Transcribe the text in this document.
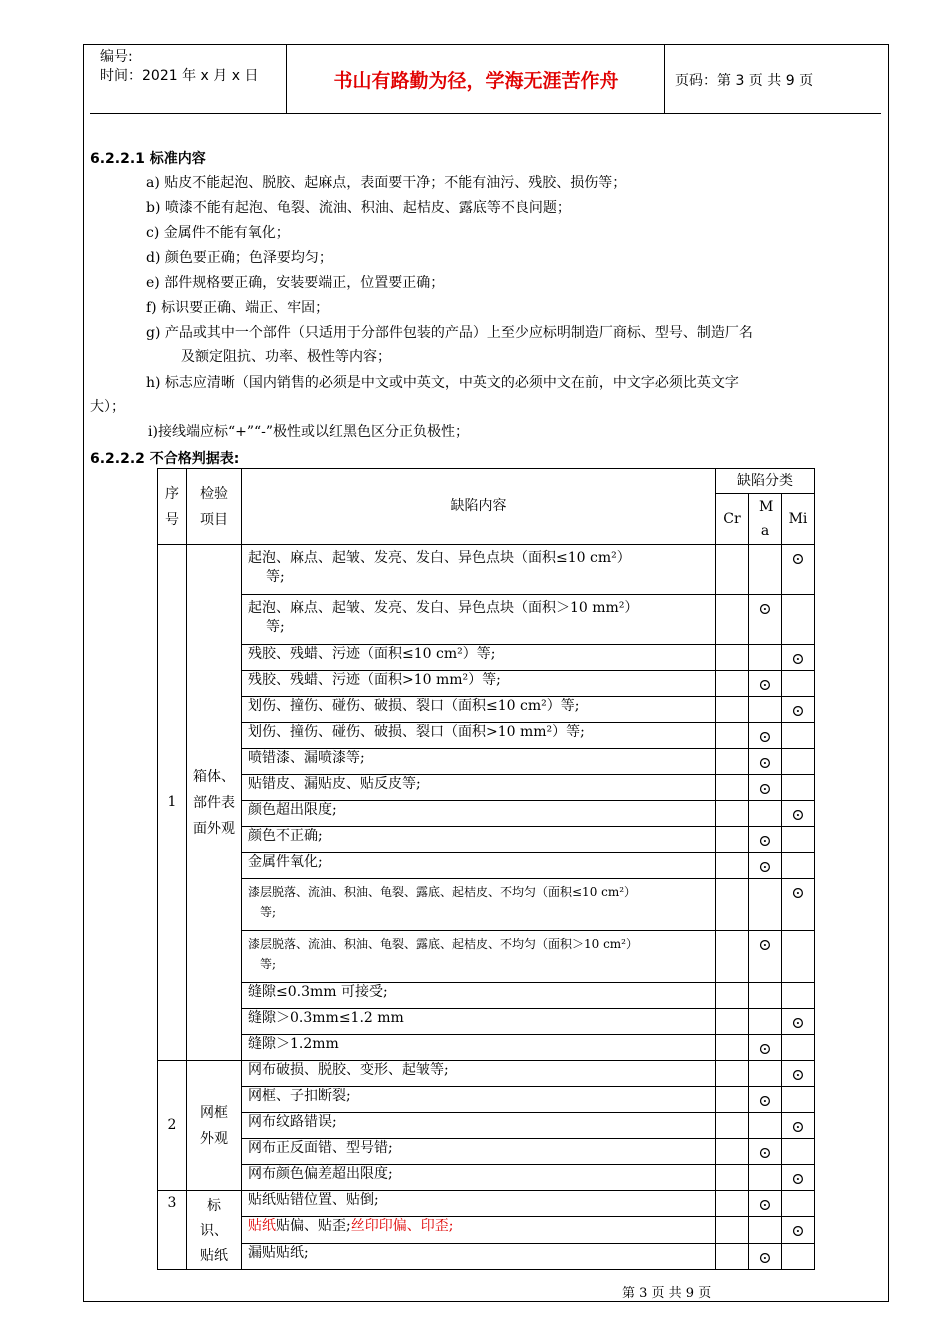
编号:
时间：2021 年 x 月 x 日	书山有路勤为径，学海无涯苦作舟	页码：第 3 页 共 9 页
6.2.2.1 标准内容
a) 贴皮不能起泡、脱胶、起麻点，表面要干净；不能有油污、残胶、损伤等；
b) 喷漆不能有起泡、龟裂、流油、积油、起桔皮、露底等不良问题；
c) 金属件不能有氧化；
d) 颜色要正确；色泽要均匀；
e) 部件规格要正确，安装要端正，位置要正确；
f) 标识要正确、端正、牢固；
g) 产品或其中一个部件（只适用于分部件包装的产品）上至少应标明制造厂商标、型号、制造厂名
及额定阻抗、功率、极性等内容；
h) 标志应清晰（国内销售的必须是中文或中英文，中英文的必须中文在前，中文字必须比英文字
大）；
i)接线端应标“+”“-”极性或以红黑色区分正负极性；
6.2.2.2 不合格判据表:
序号	检验项目	缺陷内容	缺陷分类		
			Cr	Ma	Mi
1	箱体、部件表面外观	起泡、麻点、起皱、发亮、发白、异色点块（面积≤10 cm²）
等;			⊙

		起泡、麻点、起皱、发亮、发白、异色点块（面积＞10 mm²）
等;		⊙	
		残胶、残蜡、污迹（面积≤10 cm²）等;			⊙
		残胶、残蜡、污迹（面积>10 mm²）等;		⊙	
		划伤、撞伤、碰伤、破损、裂口（面积≤10 cm²）等;			⊙
		划伤、撞伤、碰伤、破损、裂口（面积>10 mm²）等;		⊙	
		喷错漆、漏喷漆等;		⊙	
		贴错皮、漏贴皮、贴反皮等;		⊙	
		颜色超出限度;			⊙
		颜色不正确;		⊙	
		金属件氧化;		⊙	

		漆层脱落、流油、积油、龟裂、露底、起桔皮、不均匀（面积≤10 cm²）
等;			⊙

		漆层脱落、流油、积油、龟裂、露底、起桔皮、不均匀（面积＞10 cm²）
等;		⊙	
		缝隙≤0.3mm 可接受;			
		缝隙＞0.3mm≤1.2 mm			⊙
		缝隙＞1.2mm		⊙	
2	网框外观	网布破损、脱胶、变形、起皱等;			⊙
		网框、子扣断裂;		⊙	
		网布纹路错误;			⊙
		网布正反面错、型号错;		⊙	
		网布颜色偏差超出限度;			⊙
3	标识、贴纸	贴纸贴错位置、贴倒;		⊙	
		贴纸贴偏、贴歪;丝印印偏、印歪;			⊙
		漏贴贴纸;		⊙	
第 3 页 共 9 页
